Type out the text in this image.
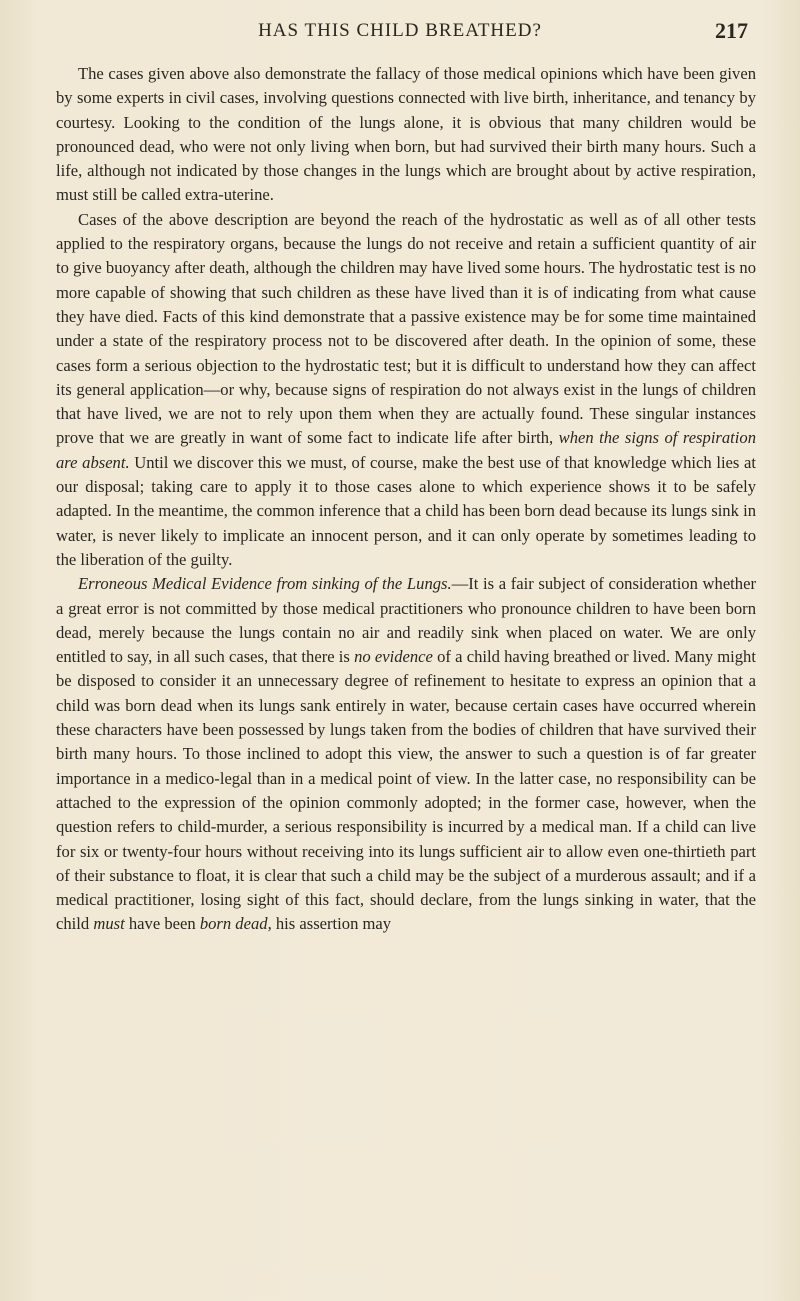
HAS THIS CHILD BREATHED?	217

The cases given above also demonstrate the fallacy of those medical opinions which have been given by some experts in civil cases, involving questions connected with live birth, inheritance, and tenancy by courtesy. Looking to the condition of the lungs alone, it is obvious that many children would be pronounced dead, who were not only living when born, but had survived their birth many hours. Such a life, although not indicated by those changes in the lungs which are brought about by active respiration, must still be called extra-uterine.

Cases of the above description are beyond the reach of the hydrostatic as well as of all other tests applied to the respiratory organs, because the lungs do not receive and retain a sufficient quantity of air to give buoyancy after death, although the children may have lived some hours. The hydrostatic test is no more capable of showing that such children as these have lived than it is of indicating from what cause they have died. Facts of this kind demonstrate that a passive existence may be for some time maintained under a state of the respiratory process not to be discovered after death. In the opinion of some, these cases form a serious objection to the hydrostatic test; but it is difficult to understand how they can affect its general application—or why, because signs of respiration do not always exist in the lungs of children that have lived, we are not to rely upon them when they are actually found. These singular instances prove that we are greatly in want of some fact to indicate life after birth, when the signs of respiration are absent. Until we discover this we must, of course, make the best use of that knowledge which lies at our disposal; taking care to apply it to those cases alone to which experience shows it to be safely adapted. In the meantime, the common inference that a child has been born dead because its lungs sink in water, is never likely to implicate an innocent person, and it can only operate by sometimes leading to the liberation of the guilty.

Erroneous Medical Evidence from sinking of the Lungs.—It is a fair subject of consideration whether a great error is not committed by those medical practitioners who pronounce children to have been born dead, merely because the lungs contain no air and readily sink when placed on water. We are only entitled to say, in all such cases, that there is no evidence of a child having breathed or lived. Many might be disposed to consider it an unnecessary degree of refinement to hesitate to express an opinion that a child was born dead when its lungs sank entirely in water, because certain cases have occurred wherein these characters have been possessed by lungs taken from the bodies of children that have survived their birth many hours. To those inclined to adopt this view, the answer to such a question is of far greater importance in a medico-legal than in a medical point of view. In the latter case, no responsibility can be attached to the expression of the opinion commonly adopted; in the former case, however, when the question refers to child-murder, a serious responsibility is incurred by a medical man. If a child can live for six or twenty-four hours without receiving into its lungs sufficient air to allow even one-thirtieth part of their substance to float, it is clear that such a child may be the subject of a murderous assault; and if a medical practitioner, losing sight of this fact, should declare, from the lungs sinking in water, that the child must have been born dead, his assertion may
